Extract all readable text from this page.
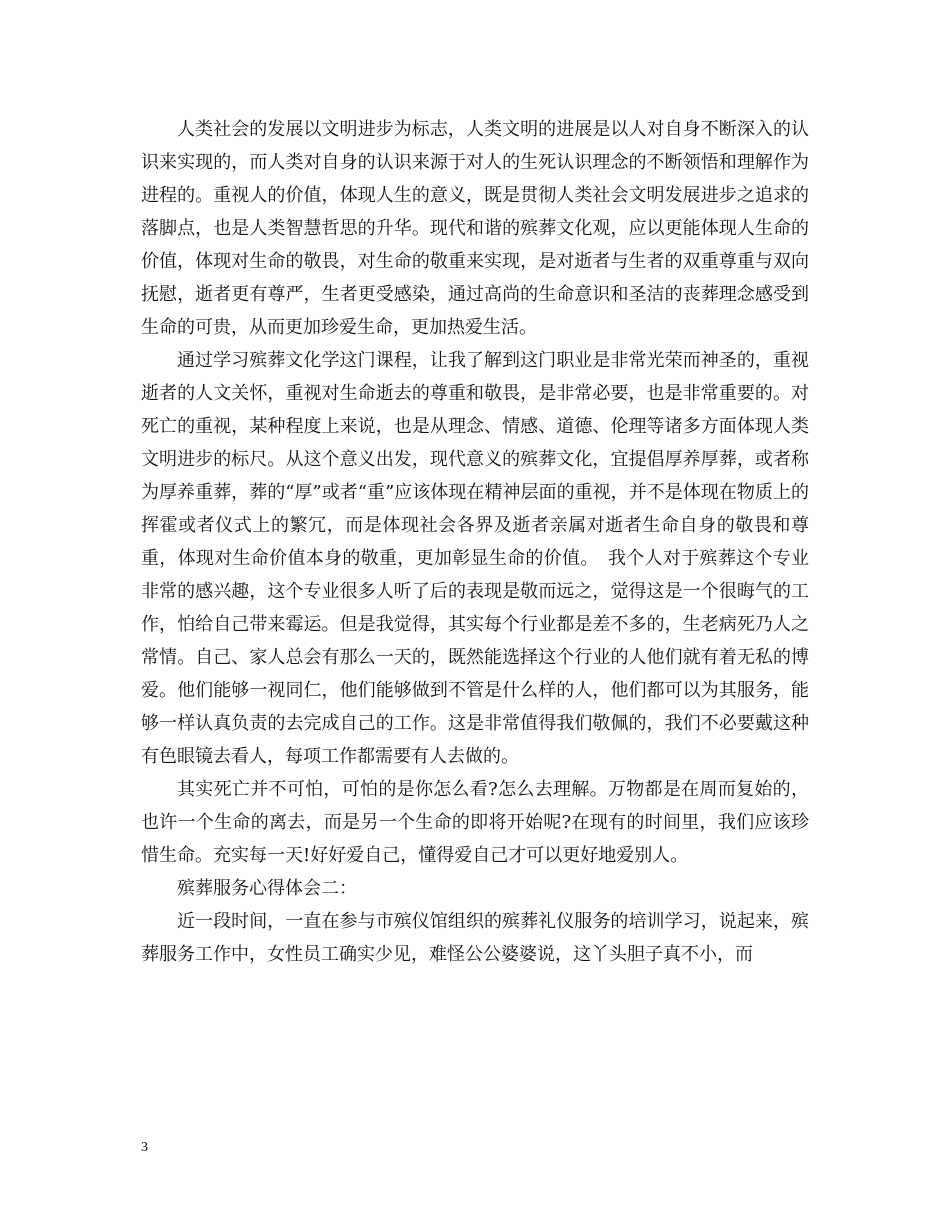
人类社会的发展以文明进步为标志，人类文明的进展是以人对自身不断深入的认识来实现的，而人类对自身的认识来源于对人的生死认识理念的不断领悟和理解作为进程的。重视人的价值，体现人生的意义，既是贯彻人类社会文明发展进步之追求的落脚点，也是人类智慧哲思的升华。现代和谐的殡葬文化观，应以更能体现人生命的价值，体现对生命的敬畏，对生命的敬重来实现，是对逝者与生者的双重尊重与双向抚慰，逝者更有尊严，生者更受感染，通过高尚的生命意识和圣洁的丧葬理念感受到生命的可贵，从而更加珍爱生命，更加热爱生活。

通过学习殡葬文化学这门课程，让我了解到这门职业是非常光荣而神圣的，重视逝者的人文关怀，重视对生命逝去的尊重和敬畏，是非常必要，也是非常重要的。对死亡的重视，某种程度上来说，也是从理念、情感、道德、伦理等诸多方面体现人类文明进步的标尺。从这个意义出发，现代意义的殡葬文化，宜提倡厚养厚葬，或者称为厚养重葬，葬的“厚”或者“重”应该体现在精神层面的重视，并不是体现在物质上的挥霍或者仪式上的繁冗，而是体现社会各界及逝者亲属对逝者生命自身的敬畏和尊重，体现对生命价值本身的敬重，更加彰显生命的价值。　我个人对于殡葬这个专业非常的感兴趣，这个专业很多人听了后的表现是敬而远之，觉得这是一个很晦气的工作，怕给自己带来霉运。但是我觉得，其实每个行业都是差不多的，生老病死乃人之常情。自己、家人总会有那么一天的，既然能选择这个行业的人他们就有着无私的博爱。他们能够一视同仁，他们能够做到不管是什么样的人，他们都可以为其服务，能够一样认真负责的去完成自己的工作。这是非常值得我们敬佩的，我们不必要戴这种有色眼镜去看人，每项工作都需要有人去做的。

其实死亡并不可怕，可怕的是你怎么看?怎么去理解。万物都是在周而复始的，也许一个生命的离去，而是另一个生命的即将开始呢?在现有的时间里，我们应该珍惜生命。充实每一天!好好爱自己，懂得爱自己才可以更好地爱别人。

殡葬服务心得体会二：

近一段时间，一直在参与市殡仪馆组织的殡葬礼仪服务的培训学习，说起来，殡葬服务工作中，女性员工确实少见，难怪公公婆婆说，这丫头胆子真不小，而

3
